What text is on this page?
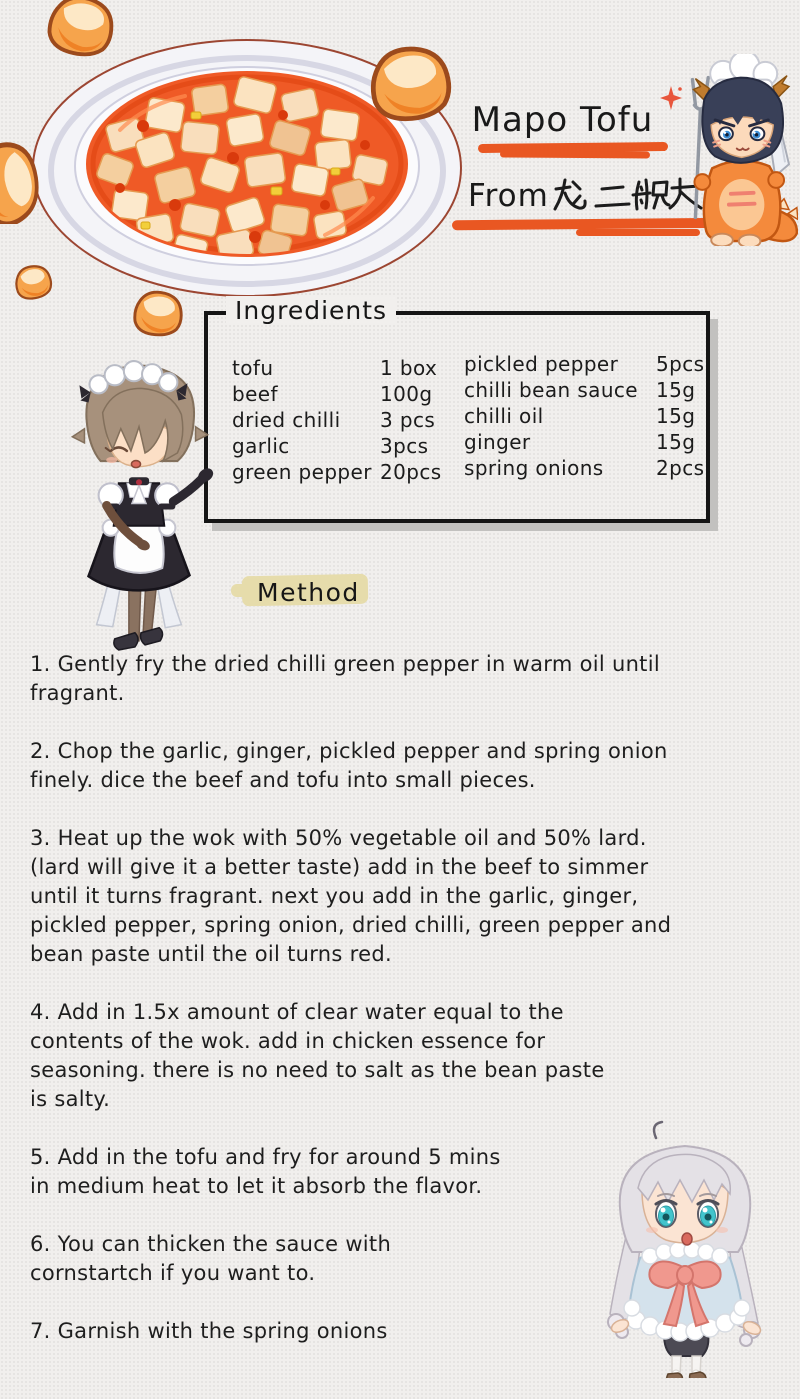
Mapo Tofu
From
Ingredients
tofu	1 box
beef	100g
dried chilli	3 pcs
garlic	3pcs
green pepper 20pcs
pickled pepper	5pcs
chilli bean sauce 15g
chilli oil	15g
ginger	15g
spring onions	2pcs
Method
1. Gently fry the dried chilli green pepper in warm oil until
fragrant.
2. Chop the garlic, ginger, pickled pepper and spring onion
finely. dice the beef and tofu into small pieces.
3. Heat up the wok with 50% vegetable oil and 50% lard.
(lard will give it a better taste) add in the beef to simmer
until it turns fragrant. next you add in the garlic, ginger,
pickled pepper, spring onion, dried chilli, green pepper and
bean paste until the oil turns red.
4. Add in 1.5x amount of clear water equal to the
contents of the wok. add in chicken essence for
seasoning. there is no need to salt as the bean paste
is salty.
5. Add in the tofu and fry for around 5 mins
in medium heat to let it absorb the flavor.
6. You can thicken the sauce with
cornstartch if you want to.
7. Garnish with the spring onions
